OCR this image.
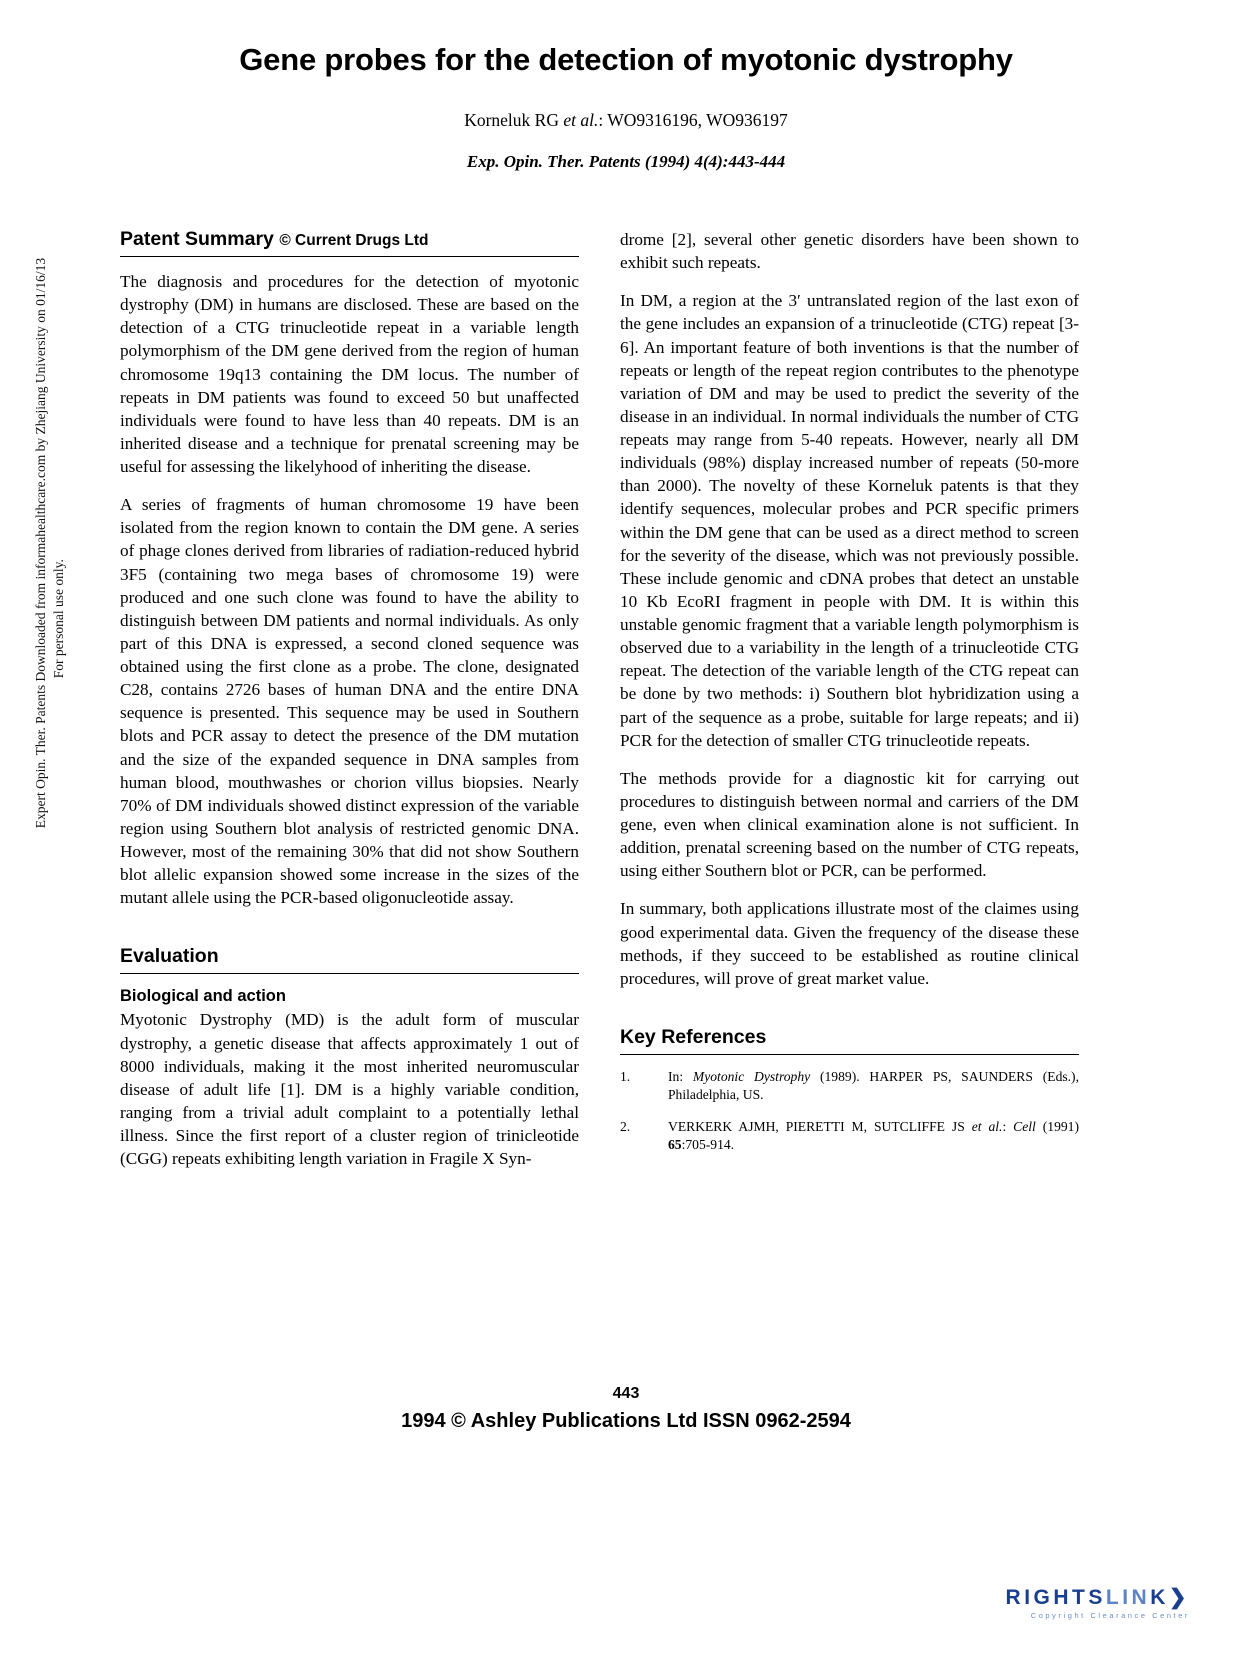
Expert Opin. Ther. Patents Downloaded from informahealthcare.com by Zhejiang University on 01/16/13 For personal use only.
Gene probes for the detection of myotonic dystrophy
Korneluk RG et al.: WO9316196, WO936197
Exp. Opin. Ther. Patents (1994) 4(4):443-444
Patent Summary © Current Drugs Ltd

The diagnosis and procedures for the detection of myotonic dystrophy (DM) in humans are disclosed. These are based on the detection of a CTG trinucleotide repeat in a variable length polymorphism of the DM gene derived from the region of human chromosome 19q13 containing the DM locus. The number of repeats in DM patients was found to exceed 50 but unaffected individuals were found to have less than 40 repeats. DM is an inherited disease and a technique for prenatal screening may be useful for assessing the likelyhood of inheriting the disease.

A series of fragments of human chromosome 19 have been isolated from the region known to contain the DM gene. A series of phage clones derived from libraries of radiation-reduced hybrid 3F5 (containing two mega bases of chromosome 19) were produced and one such clone was found to have the ability to distinguish between DM patients and normal individuals. As only part of this DNA is expressed, a second cloned sequence was obtained using the first clone as a probe. The clone, designated C28, contains 2726 bases of human DNA and the entire DNA sequence is presented. This sequence may be used in Southern blots and PCR assay to detect the presence of the DM mutation and the size of the expanded sequence in DNA samples from human blood, mouthwashes or chorion villus biopsies. Nearly 70% of DM individuals showed distinct expression of the variable region using Southern blot analysis of restricted genomic DNA. However, most of the remaining 30% that did not show Southern blot allelic expansion showed some increase in the sizes of the mutant allele using the PCR-based oligonucleotide assay.

Evaluation
Biological and action

Myotonic Dystrophy (MD) is the adult form of muscular dystrophy, a genetic disease that affects approximately 1 out of 8000 individuals, making it the most inherited neuromuscular disease of adult life [1]. DM is a highly variable condition, ranging from a trivial adult complaint to a potentially lethal illness. Since the first report of a cluster region of trinicleotide (CGG) repeats exhibiting length variation in Fragile X Syn-

drome [2], several other genetic disorders have been shown to exhibit such repeats.

In DM, a region at the 3′ untranslated region of the last exon of the gene includes an expansion of a trinucleotide (CTG) repeat [3-6]. An important feature of both inventions is that the number of repeats or length of the repeat region contributes to the phenotype variation of DM and may be used to predict the severity of the disease in an individual. In normal individuals the number of CTG repeats may range from 5-40 repeats. However, nearly all DM individuals (98%) display increased number of repeats (50-more than 2000). The novelty of these Korneluk patents is that they identify sequences, molecular probes and PCR specific primers within the DM gene that can be used as a direct method to screen for the severity of the disease, which was not previously possible. These include genomic and cDNA probes that detect an unstable 10 Kb EcoRI fragment in people with DM. It is within this unstable genomic fragment that a variable length polymorphism is observed due to a variability in the length of a trinucleotide CTG repeat. The detection of the variable length of the CTG repeat can be done by two methods: i) Southern blot hybridization using a part of the sequence as a probe, suitable for large repeats; and ii) PCR for the detection of smaller CTG trinucleotide repeats.

The methods provide for a diagnostic kit for carrying out procedures to distinguish between normal and carriers of the DM gene, even when clinical examination alone is not sufficient. In addition, prenatal screening based on the number of CTG repeats, using either Southern blot or PCR, can be performed.

In summary, both applications illustrate most of the claimes using good experimental data. Given the frequency of the disease these methods, if they succeed to be established as routine clinical procedures, will prove of great market value.

Key References
1.	In: Myotonic Dystrophy (1989). HARPER PS, SAUNDERS (Eds.), Philadelphia, US.
2.	VERKERK AJMH, PIERETTI M, SUTCLIFFE JS et al.: Cell (1991) 65:705-914.
443
1994 © Ashley Publications Ltd ISSN 0962-2594
RIGHTSLINK❯
Copyright Clearance Center
